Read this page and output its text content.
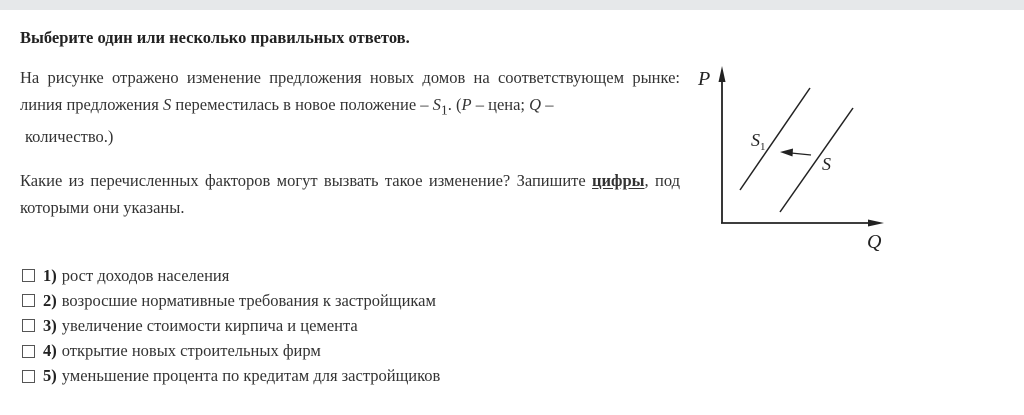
Выберите один или несколько правильных ответов.
На рисунке отражено изменение предложения новых домов на соответствующем рынке: линия предложения S переместилась в новое положение – $S_1$. (P – цена; Q –
количество.)
Какие из перечисленных факторов могут вызвать такое изменение? Запишите цифры, под которыми они указаны.
P
Q
$S_1$
S
1) рост доходов населения
2) возросшие нормативные требования к застройщикам
3) увеличение стоимости кирпича и цемента
4) открытие новых строительных фирм
5) уменьшение процента по кредитам для застройщиков
